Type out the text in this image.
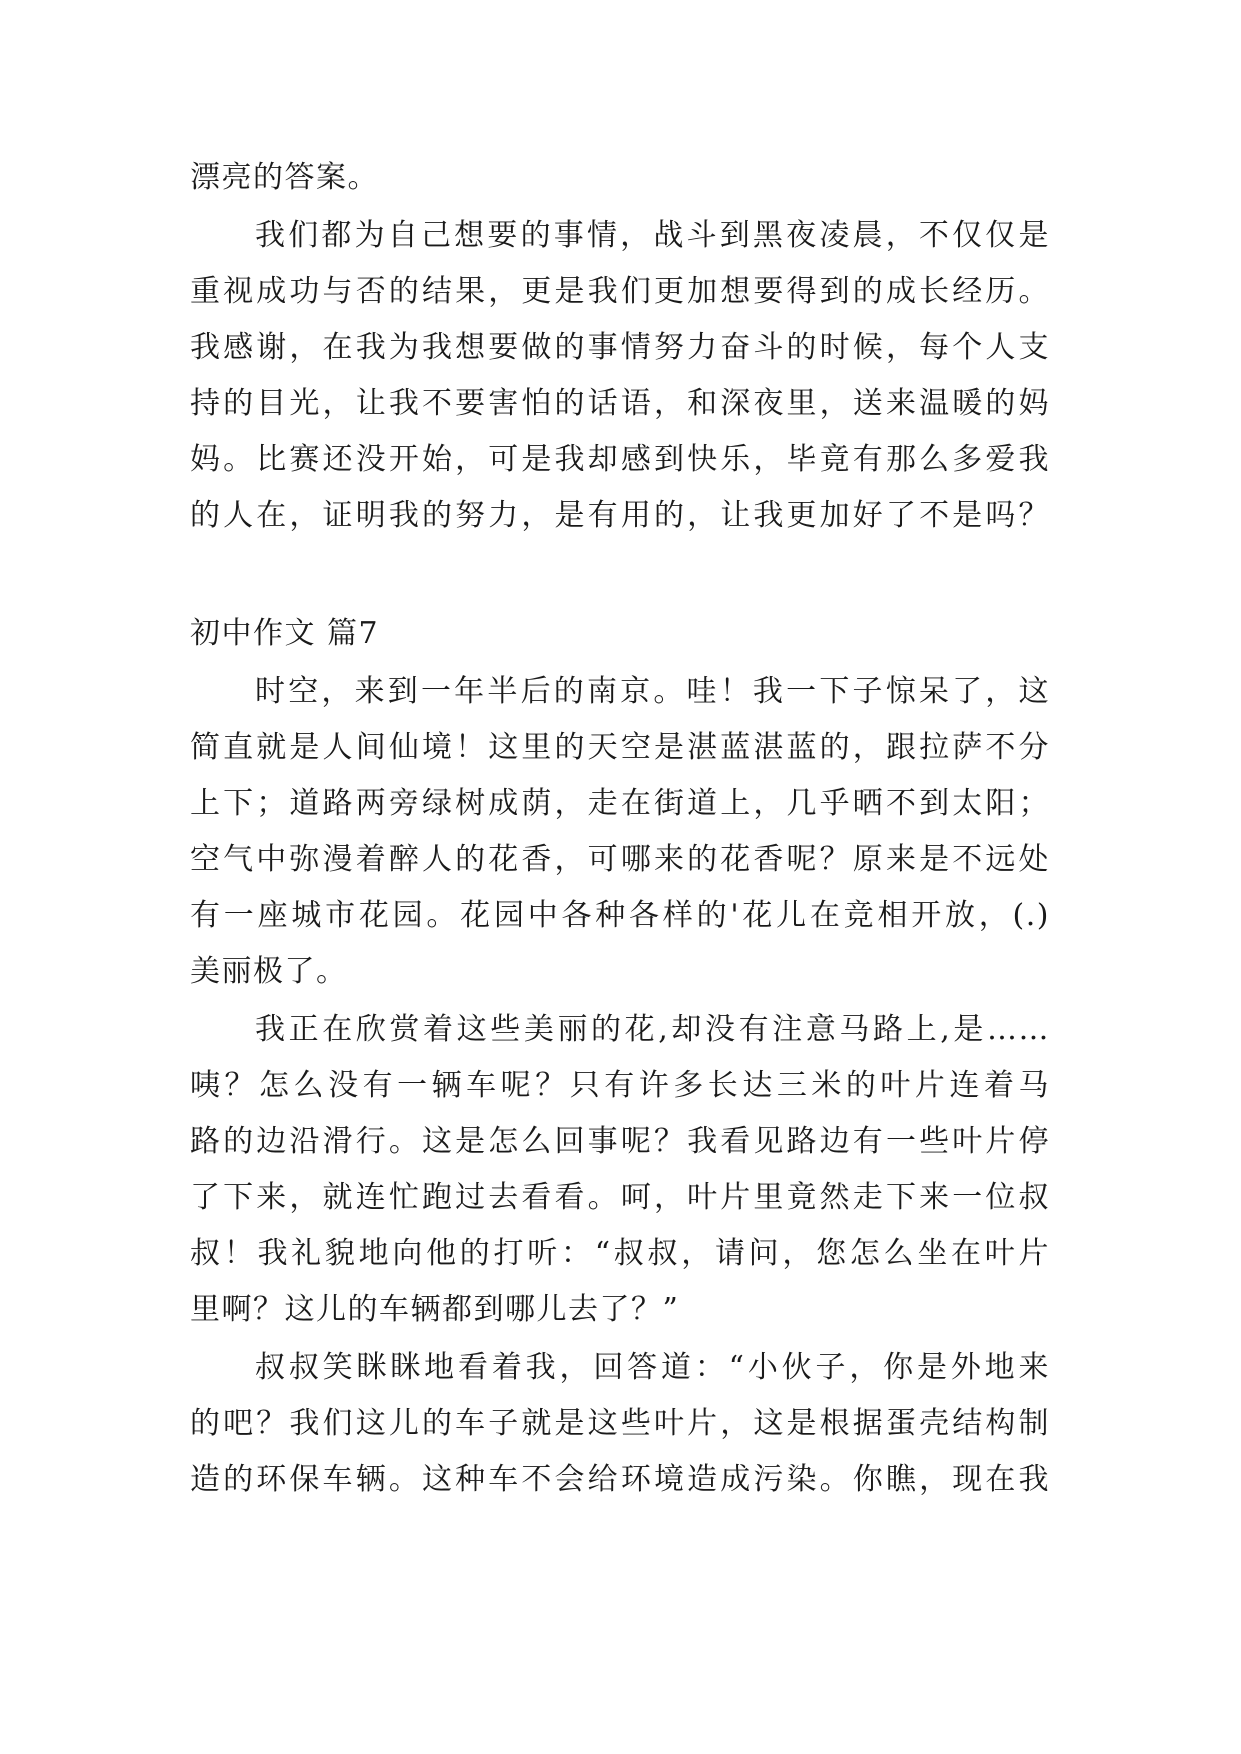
漂亮的答案。
我们都为自己想要的事情，战斗到黑夜凌晨，不仅仅是
重视成功与否的结果，更是我们更加想要得到的成长经历。
我感谢，在我为我想要做的事情努力奋斗的时候，每个人支
持的目光，让我不要害怕的话语，和深夜里，送来温暖的妈
妈。比赛还没开始，可是我却感到快乐，毕竟有那么多爱我
的人在，证明我的努力，是有用的，让我更加好了不是吗？
初中作文 篇7
时空，来到一年半后的南京。哇！我一下子惊呆了，这
简直就是人间仙境！这里的天空是湛蓝湛蓝的，跟拉萨不分
上下；道路两旁绿树成荫，走在街道上，几乎晒不到太阳；
空气中弥漫着醉人的花香，可哪来的花香呢？原来是不远处
有一座城市花园。花园中各种各样的'花儿在竞相开放，(.)
美丽极了。
我正在欣赏着这些美丽的花,却没有注意马路上,是……
咦？怎么没有一辆车呢？只有许多长达三米的叶片连着马
路的边沿滑行。这是怎么回事呢？我看见路边有一些叶片停
了下来，就连忙跑过去看看。呵，叶片里竟然走下来一位叔
叔！我礼貌地向他的打听：“叔叔，请问，您怎么坐在叶片
里啊？这儿的车辆都到哪儿去了？”
叔叔笑眯眯地看着我，回答道：“小伙子，你是外地来
的吧？我们这儿的车子就是这些叶片，这是根据蛋壳结构制
造的环保车辆。这种车不会给环境造成污染。你瞧，现在我
